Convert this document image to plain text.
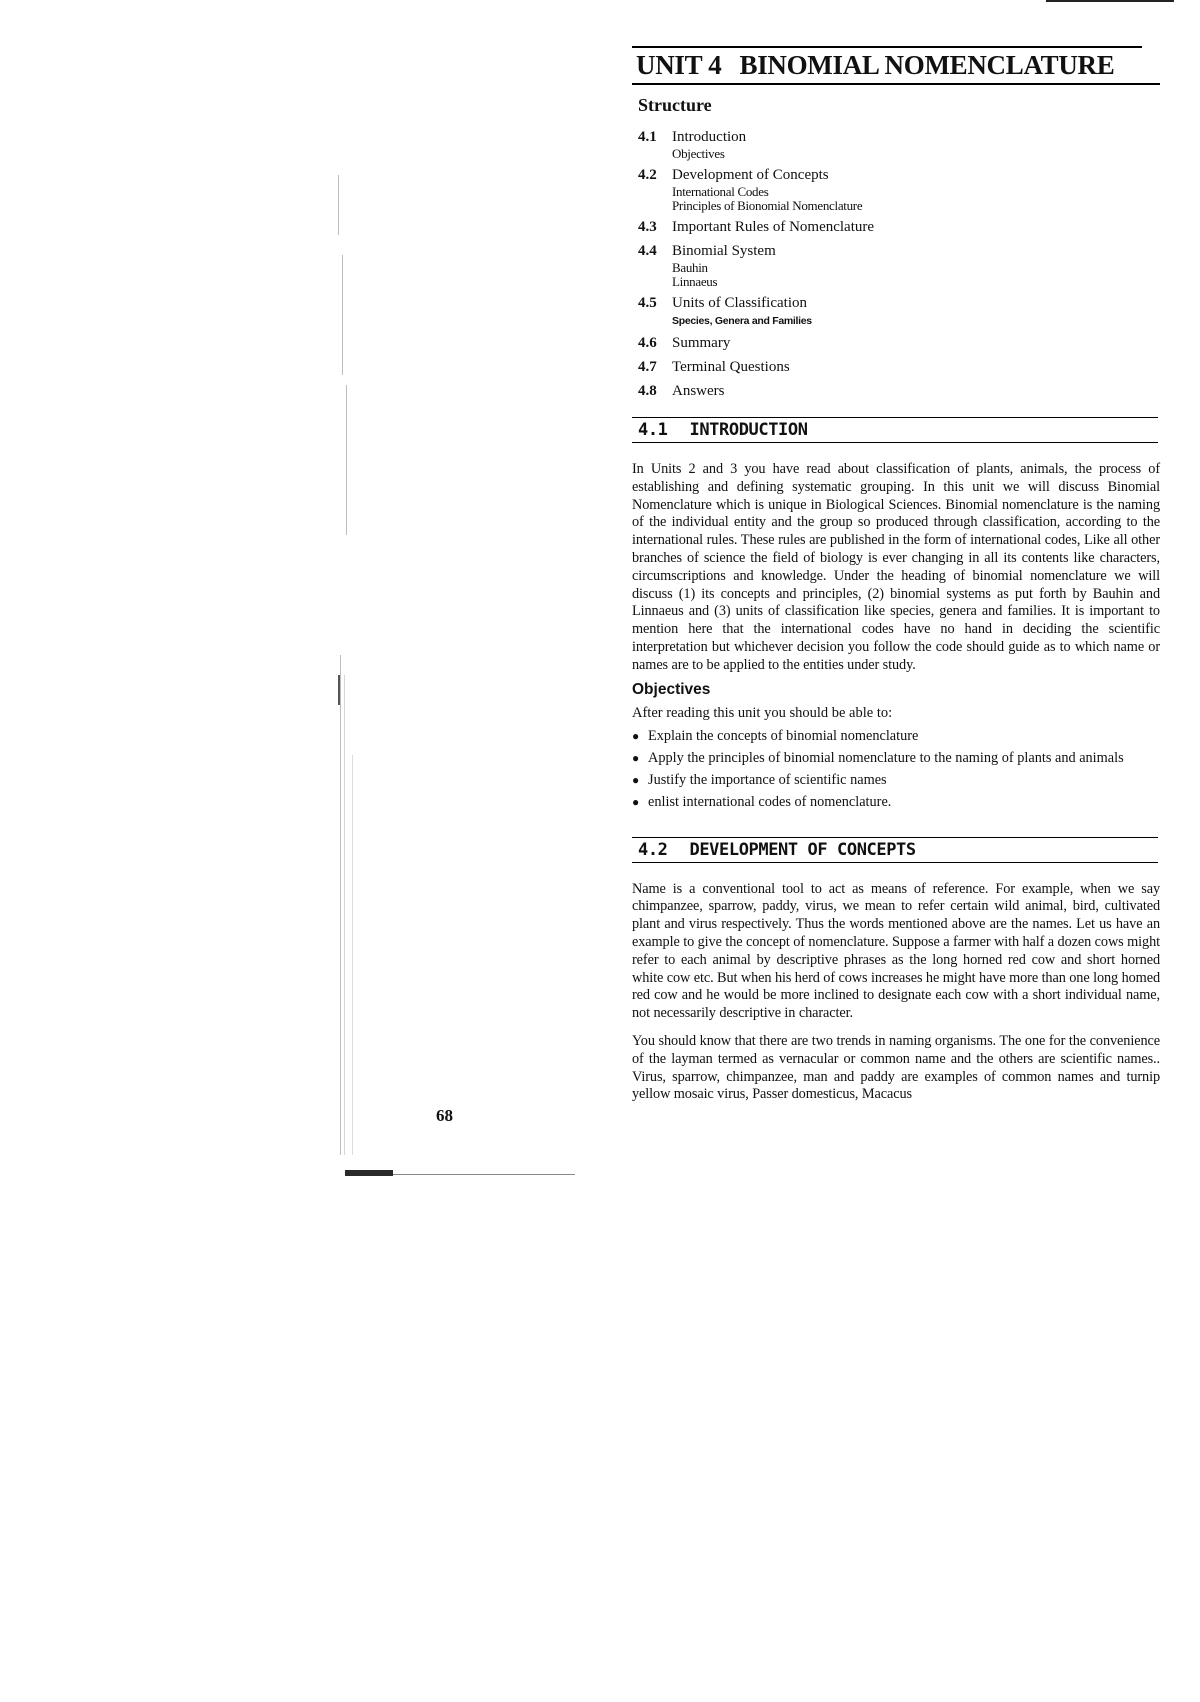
68
UNIT 4 BINOMIAL NOMENCLATURE
Structure
4.1 Introduction
Objectives
4.2 Development of Concepts
International Codes
Principles of Bionomial Nomenclature
4.3 Important Rules of Nomenclature
4.4 Binomial System
Bauhin
Linnaeus
4.5 Units of Classification
Species, Genera and Families
4.6 Summary
4.7 Terminal Questions
4.8 Answers
4.1 INTRODUCTION

In Units 2 and 3 you have read about classification of plants, animals, the process of establishing and defining systematic grouping. In this unit we will discuss Binomial Nomenclature which is unique in Biological Sciences. Binomial nomenclature is the naming of the individual entity and the group so produced through classification, according to the international rules. These rules are published in the form of international codes, Like all other branches of science the field of biology is ever changing in all its contents like characters, circumscriptions and knowledge. Under the heading of binomial nomenclature we will discuss (1) its concepts and principles, (2) binomial systems as put forth by Bauhin and Linnaeus and (3) units of classification like species, genera and families. It is important to mention here that the international codes have no hand in deciding the scientific interpretation but whichever decision you follow the code should guide as to which name or names are to be applied to the entities under study.

Objectives
After reading this unit you should be able to:
● Explain the concepts of binomial nomenclature
● Apply the principles of binomial nomenclature to the naming of plants and animals
● Justify the importance of scientific names
● enlist international codes of nomenclature.
4.2 DEVELOPMENT OF CONCEPTS

Name is a conventional tool to act as means of reference. For example, when we say chimpanzee, sparrow, paddy, virus, we mean to refer certain wild animal, bird, cultivated plant and virus respectively. Thus the words mentioned above are the names. Let us have an example to give the concept of nomenclature. Suppose a farmer with half a dozen cows might refer to each animal by descriptive phrases as the long horned red cow and short horned white cow etc. But when his herd of cows increases he might have more than one long homed red cow and he would be more inclined to designate each cow with a short individual name, not necessarily descriptive in character.

You should know that there are two trends in naming organisms. The one for the convenience of the layman termed as vernacular or common name and the others are scientific names.. Virus, sparrow, chimpanzee, man and paddy are examples of common names and turnip yellow mosaic virus, Passer domesticus, Macacus
